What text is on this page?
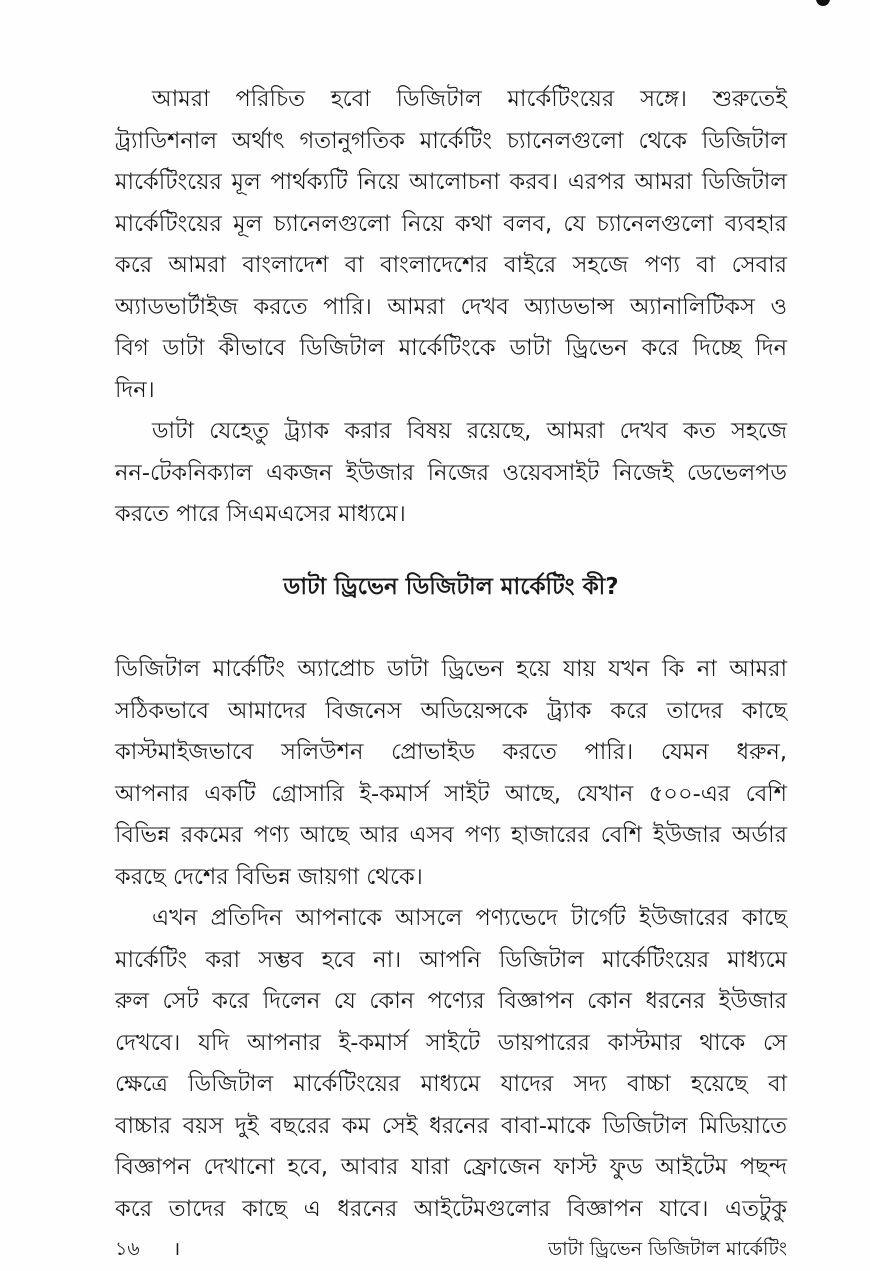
আমরা পরিচিত হবো ডিজিটাল মার্কেটিংয়ের সঙ্গে। শুরুতেই

ট্র্যাডিশনাল অর্থাৎ গতানুগতিক মার্কেটিং চ্যানেলগুলো থেকে ডিজিটাল

মার্কেটিংয়ের মূল পার্থক্যটি নিয়ে আলোচনা করব। এরপর আমরা ডিজিটাল

মার্কেটিংয়ের মূল চ্যানেলগুলো নিয়ে কথা বলব, যে চ্যানেলগুলো ব্যবহার

করে আমরা বাংলাদেশ বা বাংলাদেশের বাইরে সহজে পণ্য বা সেবার

অ্যাডভার্টাইজ করতে পারি। আমরা দেখব অ্যাডভান্স অ্যানালিটিকস ও

বিগ ডাটা কীভাবে ডিজিটাল মার্কেটিংকে ডাটা ড্রিভেন করে দিচ্ছে দিন

দিন।

ডাটা যেহেতু ট্র্যাক করার বিষয় রয়েছে, আমরা দেখব কত সহজে

নন-টেকনিক্যাল একজন ইউজার নিজের ওয়েবসাইট নিজেই ডেভেলপড

করতে পারে সিএমএসের মাধ্যমে।

ডাটা ড্রিভেন ডিজিটাল মার্কেটিং কী?

ডিজিটাল মার্কেটিং অ্যাপ্রোচ ডাটা ড্রিভেন হয়ে যায় যখন কি না আমরা

সঠিকভাবে আমাদের বিজনেস অডিয়েন্সকে ট্র্যাক করে তাদের কাছে

কাস্টমাইজভাবে সলিউশন প্রোভাইড করতে পারি। যেমন ধরুন,

আপনার একটি গ্রোসারি ই-কমার্স সাইট আছে, যেখান ৫০০-এর বেশি

বিভিন্ন রকমের পণ্য আছে আর এসব পণ্য হাজারের বেশি ইউজার অর্ডার

করছে দেশের বিভিন্ন জায়গা থেকে।

এখন প্রতিদিন আপনাকে আসলে পণ্যভেদে টার্গেট ইউজারের কাছে

মার্কেটিং করা সম্ভব হবে না। আপনি ডিজিটাল মার্কেটিংয়ের মাধ্যমে

রুল সেট করে দিলেন যে কোন পণ্যের বিজ্ঞাপন কোন ধরনের ইউজার

দেখবে। যদি আপনার ই-কমার্স সাইটে ডায়পারের কাস্টমার থাকে সে

ক্ষেত্রে ডিজিটাল মার্কেটিংয়ের মাধ্যমে যাদের সদ্য বাচ্চা হয়েছে বা

বাচ্চার বয়স দুই বছরের কম সেই ধরনের বাবা-মাকে ডিজিটাল মিডিয়াতে

বিজ্ঞাপন দেখানো হবে, আবার যারা ফ্রোজেন ফাস্ট ফুড আইটেম পছন্দ

করে তাদের কাছে এ ধরনের আইটেমগুলোর বিজ্ঞাপন যাবে। এতটুকু

১৬ ।	ডাটা ড্রিভেন ডিজিটাল মার্কেটিং
